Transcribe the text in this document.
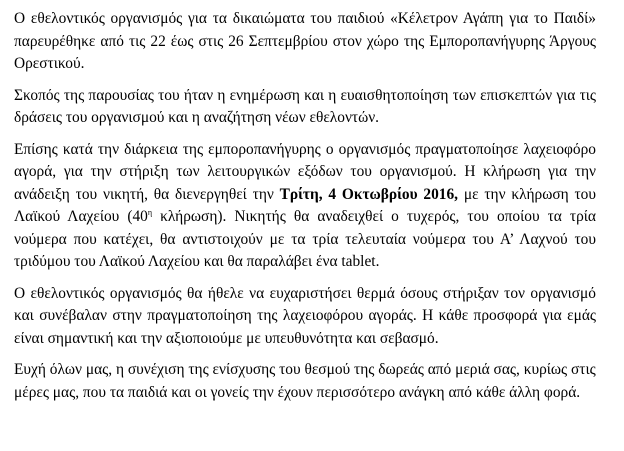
Ο εθελοντικός οργανισμός για τα δικαιώματα του παιδιού «Κέλετρον Αγάπη για το Παιδί» παρευρέθηκε από τις 22 έως στις 26 Σεπτεμβρίου στον χώρο της Εμποροπανήγυρης Άργους Ορεστικού.

Σκοπός της παρουσίας του ήταν η ενημέρωση και η ευαισθητοποίηση των επισκεπτών για τις δράσεις του οργανισμού και η αναζήτηση νέων εθελοντών.

Επίσης κατά την διάρκεια της εμποροπανήγυρης ο οργανισμός πραγματοποίησε λαχειοφόρο αγορά, για την στήριξη των λειτουργικών εξόδων του οργανισμού. Η κλήρωση για την ανάδειξη του νικητή, θα διενεργηθεί την Τρίτη, 4 Οκτωβρίου 2016, με την κλήρωση του Λαϊκού Λαχείου ($40^\eta$ κλήρωση). Νικητής θα αναδειχθεί ο τυχερός, του οποίου τα τρία νούμερα που κατέχει, θα αντιστοιχούν με τα τρία τελευταία νούμερα του Α’ Λαχνού του τριδύμου του Λαϊκού Λαχείου και θα παραλάβει ένα tablet.

Ο εθελοντικός οργανισμός θα ήθελε να ευχαριστήσει θερμά όσους στήριξαν τον οργανισμό και συνέβαλαν στην πραγματοποίηση της λαχειοφόρου αγοράς. Η κάθε προσφορά για εμάς είναι σημαντική και την αξιοποιούμε με υπευθυνότητα και σεβασμό.

Ευχή όλων μας, η συνέχιση της ενίσχυσης του θεσμού της δωρεάς από μεριά σας, κυρίως στις μέρες μας, που τα παιδιά και οι γονείς την έχουν περισσότερο ανάγκη από κάθε άλλη φορά.
